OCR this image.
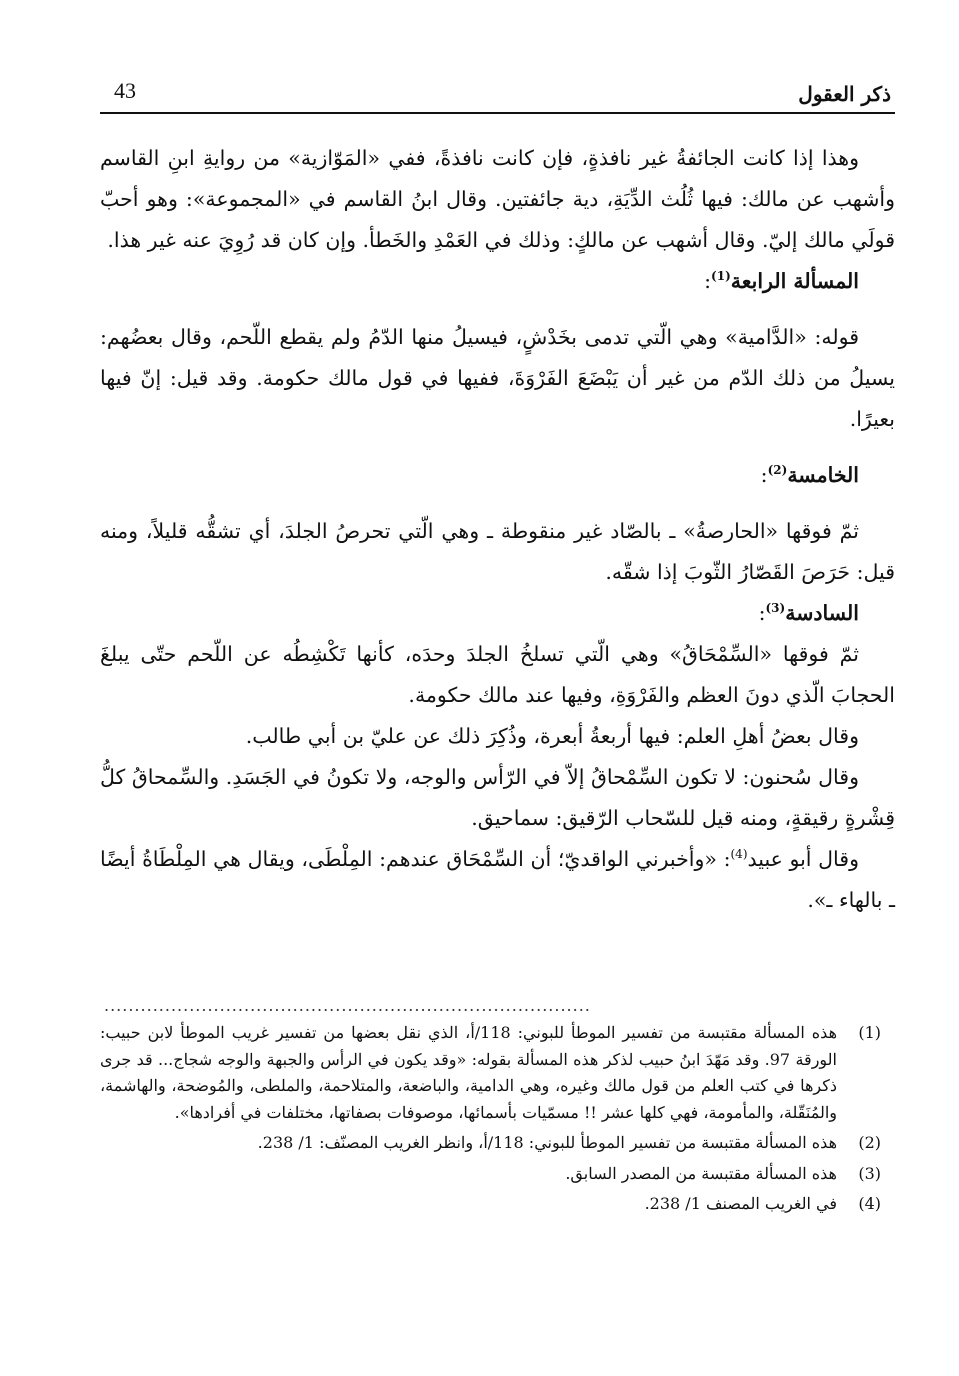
ذكر العقول
43

وهذا إذا كانت الجائفةُ غير نافذةٍ، فإن كانت نافذةً، ففي «المَوّازية» من روايةِ ابنِ القاسم وأشهب عن مالك: فيها ثُلُث الدِّيَةِ، دية جائفتين. وقال ابنُ القاسم في «المجموعة»: وهو أحبّ قولَي مالك إليّ. وقال أشهب عن مالكٍ: وذلك في العَمْدِ والخَطأ. وإن كان قد رُوِيَ عنه غير هذا.

المسألة الرابعة$^{(1)}$:

قوله: «الدَّامية» وهي الّتي تدمى بخَدْشٍ، فيسيلُ منها الدّمُ ولم يقطع اللّحم، وقال بعضُهم: يسيلُ من ذلك الدّم من غير أن يَبْضَعَ الفَرْوَةَ، ففيها في قول مالك حكومة. وقد قيل: إنّ فيها بعيرًا.

الخامسة$^{(2)}$:

ثمّ فوقها «الحارصةُ» ـ بالصّاد غير منقوطة ـ وهي الّتي تحرصُ الجلدَ، أي تشقُّه قليلاً، ومنه قيل: حَرَصَ القَصّارُ الثّوبَ إذا شقّه.

السادسة$^{(3)}$:

ثمّ فوقها «السِّمْحَاقُ» وهي الّتي تسلخُ الجلدَ وحدَه، كأنها تَكْشِطُه عن اللّحم حتّى يبلغَ الحجابَ الّذي دونَ العظم والفَرْوَةِ، وفيها عند مالك حكومة.

وقال بعضُ أهلِ العلم: فيها أربعةُ أبعرة، وذُكِرَ ذلك عن عليّ بن أبي طالب.

وقال سُحنون: لا تكون السِّمْحاقُ إلاّ في الرّأس والوجه، ولا تكونُ في الجَسَدِ. والسِّمحاقُ كلُّ قِشْرةٍ رقيقةٍ، ومنه قيل للسّحاب الرّقيق: سماحيق.

وقال أبو عبيد$^{(4)}$: «وأخبرني الواقديّ؛ أن السِّمْحَاق عندهم: المِلْطَى، ويقال هي المِلْطَاةُ أيضًا ـ بالهاء ـ».

................................................................................
(1)
هذه المسألة مقتبسة من تفسير الموطأ للبوني: 118/أ، الذي نقل بعضها من تفسير غريب الموطأ لابن حبيب: الورقة 97. وقد مَهّدَ ابنُ حبيب لذكر هذه المسألة بقوله: «وقد يكون في الرأس والجبهة والوجه شجاج... قد جرى ذكرها في كتب العلم من قول مالك وغيره، وهي الدامية، والباضعة، والمتلاحمة، والملطى، والمُوضحة، والهاشمة، والمُنَقّلة، والمأمومة، فهي كلها عشر !! مسمّيات بأسمائها، موصوفات بصفاتها، مختلفات في أفرادها».
(2)
هذه المسألة مقتبسة من تفسير الموطأ للبوني: 118/أ، وانظر الغريب المصنّف: 1/ 238.
(3)
هذه المسألة مقتبسة من المصدر السابق.
(4)
في الغريب المصنف 1/ 238.
